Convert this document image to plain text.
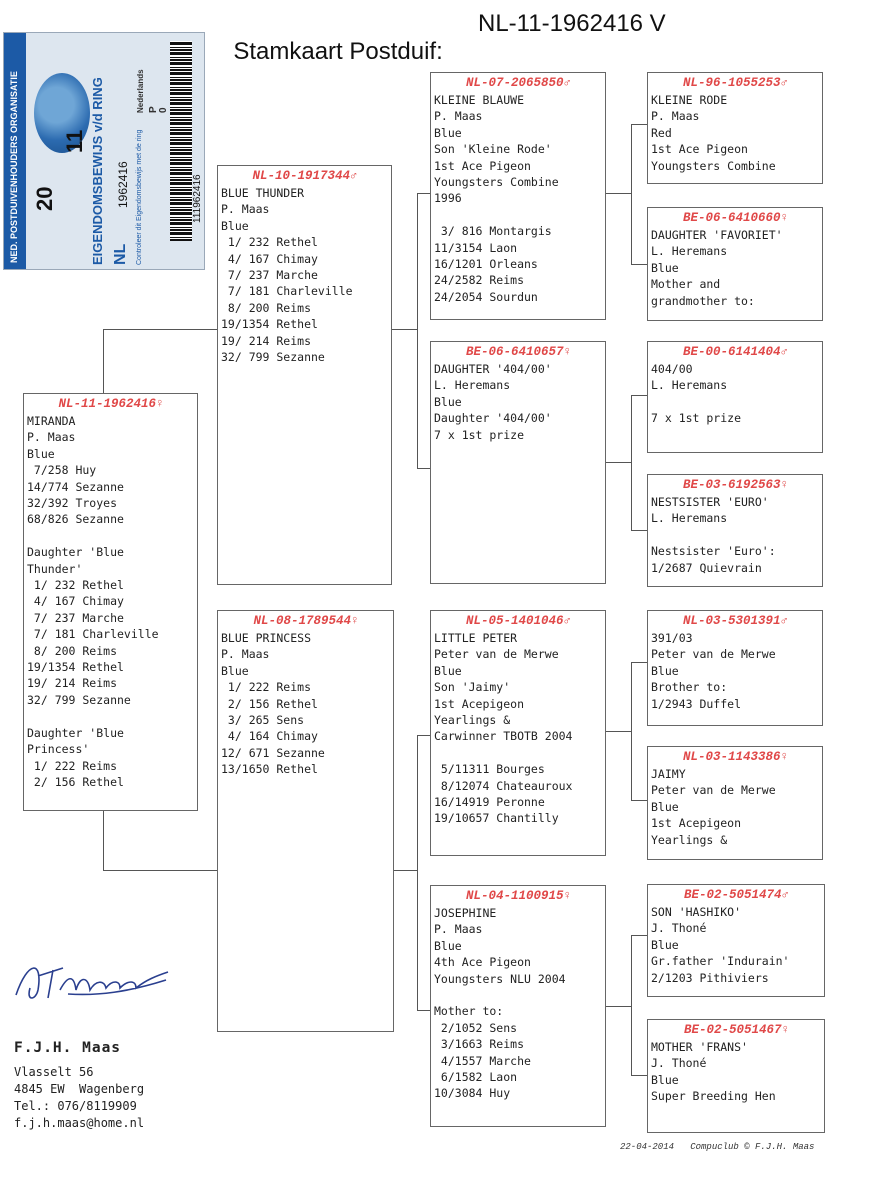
Stamkaart Postduif:

NL-11-1962416 V

NED. POSTDUIVENHOUDERS ORGANISATIE	EIGENDOMSBEWIJS v/d RING
20
11
NL
1962416 Controleer dit Eigendomsbewijs met de ring
Nederlands P 0
111962416
NL-11-1962416♀
MIRANDA
P. Maas
Blue
7/258 Huy
14/774 Sezanne
32/392 Troyes
68/826 Sezanne
Daughter 'Blue
Thunder'
1/ 232 Rethel
4/ 167 Chimay
7/ 237 Marche
7/ 181 Charleville
8/ 200 Reims
19/1354 Rethel
19/ 214 Reims
32/ 799 Sezanne
Daughter 'Blue
Princess'
1/ 222 Reims
2/ 156 Rethel
NL-10-1917344♂
BLUE THUNDER
P. Maas
Blue
1/ 232 Rethel
4/ 167 Chimay
7/ 237 Marche
7/ 181 Charleville
8/ 200 Reims
19/1354 Rethel
19/ 214 Reims
32/ 799 Sezanne
NL-08-1789544♀
BLUE PRINCESS
P. Maas
Blue
1/ 222 Reims
2/ 156 Rethel
3/ 265 Sens
4/ 164 Chimay
12/ 671 Sezanne
13/1650 Rethel
NL-07-2065850♂
KLEINE BLAUWE
P. Maas
Blue
Son 'Kleine Rode'
1st Ace Pigeon
Youngsters Combine
1996
3/ 816 Montargis
11/3154 Laon
16/1201 Orleans
24/2582 Reims
24/2054 Sourdun
BE-06-6410657♀
DAUGHTER '404/00'
L. Heremans
Blue
Daughter '404/00'
7 x 1st prize
NL-05-1401046♂
LITTLE PETER
Peter van de Merwe
Blue
Son 'Jaimy'
1st Acepigeon
Yearlings &
Carwinner TBOTB 2004
5/11311 Bourges
8/12074 Chateauroux
16/14919 Peronne
19/10657 Chantilly
NL-04-1100915♀
JOSEPHINE
P. Maas
Blue
4th Ace Pigeon
Youngsters NLU 2004
Mother to:
2/1052 Sens
3/1663 Reims
4/1557 Marche
6/1582 Laon
10/3084 Huy
NL-96-1055253♂
KLEINE RODE
P. Maas
Red
1st Ace Pigeon
Youngsters Combine
BE-06-6410660♀
DAUGHTER 'FAVORIET'
L. Heremans
Blue
Mother and
grandmother to:
BE-00-6141404♂
404/00
L. Heremans
7 x 1st prize
BE-03-6192563♀
NESTSISTER 'EURO'
L. Heremans
Nestsister 'Euro':
1/2687 Quievrain
NL-03-5301391♂
391/03
Peter van de Merwe
Blue
Brother to:
1/2943 Duffel
NL-03-1143386♀
JAIMY
Peter van de Merwe
Blue
1st Acepigeon
Yearlings &
BE-02-5051474♂
SON 'HASHIKO'
J. Thoné
Blue
Gr.father 'Indurain'
2/1203 Pithiviers
BE-02-5051467♀
MOTHER 'FRANS'
J. Thoné
Blue
Super Breeding Hen
F.J.H. Maas
Vlasselt 56
4845 EW  Wagenberg
Tel.: 076/8119909
f.j.h.maas@home.nl
22-04-2014 Compuclub © F.J.H. Maas
